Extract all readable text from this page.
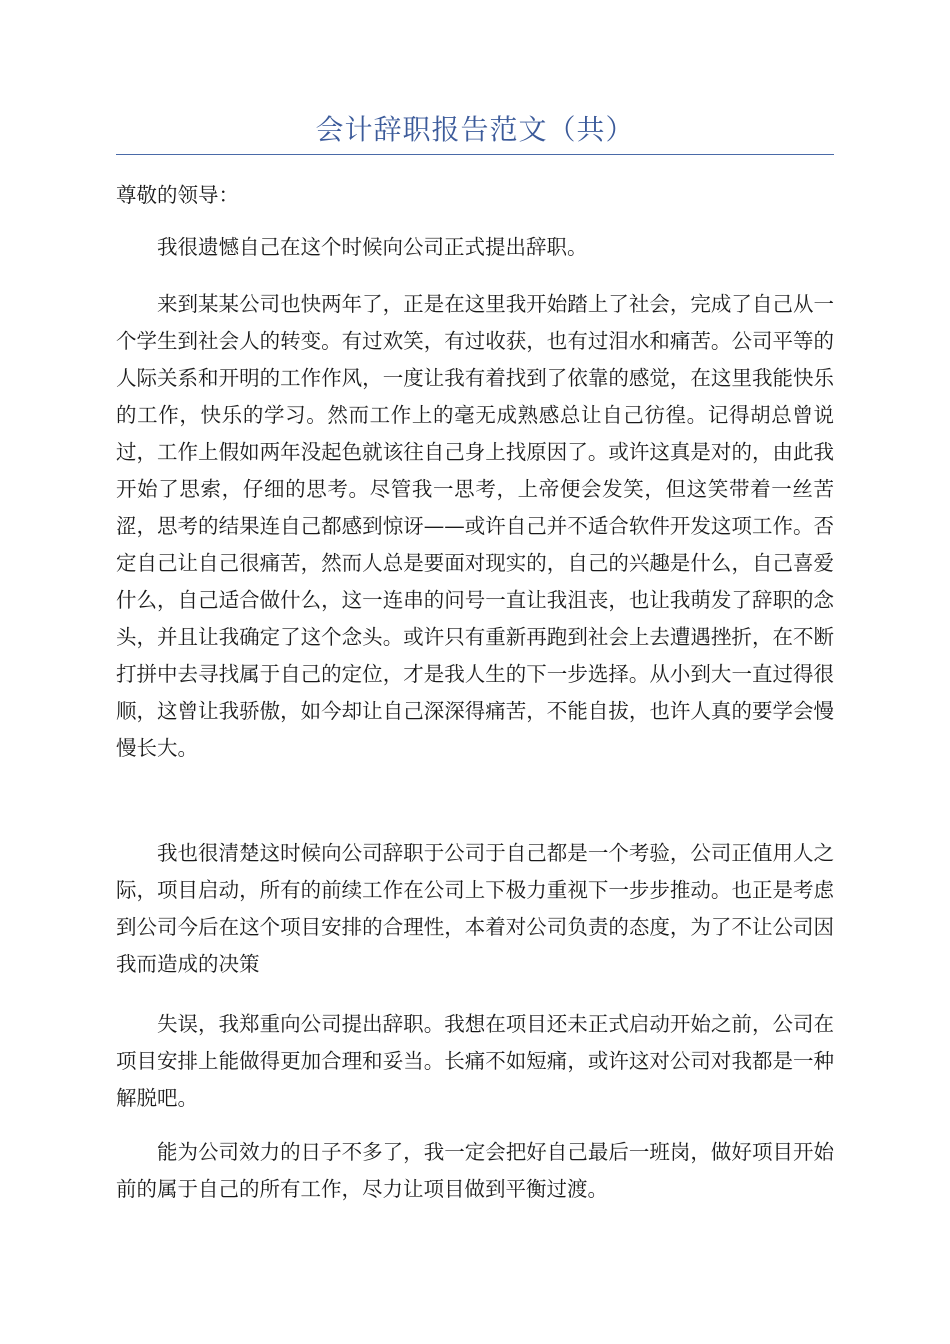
会计辞职报告范文（共）

尊敬的领导：

我很遗憾自己在这个时候向公司正式提出辞职。

来到某某公司也快两年了，正是在这里我开始踏上了社会，完成了自己从一个学生到社会人的转变。有过欢笑，有过收获，也有过泪水和痛苦。公司平等的人际关系和开明的工作作风，一度让我有着找到了依靠的感觉，在这里我能快乐的工作，快乐的学习。然而工作上的毫无成熟感总让自己彷徨。记得胡总曾说过，工作上假如两年没起色就该往自己身上找原因了。或许这真是对的，由此我开始了思索，仔细的思考。尽管我一思考，上帝便会发笑，但这笑带着一丝苦涩，思考的结果连自己都感到惊讶——或许自己并不适合软件开发这项工作。否定自己让自己很痛苦，然而人总是要面对现实的，自己的兴趣是什么，自己喜爱什么，自己适合做什么，这一连串的问号一直让我沮丧，也让我萌发了辞职的念头，并且让我确定了这个念头。或许只有重新再跑到社会上去遭遇挫折，在不断打拼中去寻找属于自己的定位，才是我人生的下一步选择。从小到大一直过得很顺，这曾让我骄傲，如今却让自己深深得痛苦，不能自拔，也许人真的要学会慢慢长大。

我也很清楚这时候向公司辞职于公司于自己都是一个考验，公司正值用人之际，项目启动，所有的前续工作在公司上下极力重视下一步步推动。也正是考虑到公司今后在这个项目安排的合理性，本着对公司负责的态度，为了不让公司因我而造成的决策

失误，我郑重向公司提出辞职。我想在项目还未正式启动开始之前，公司在项目安排上能做得更加合理和妥当。长痛不如短痛，或许这对公司对我都是一种解脱吧。

能为公司效力的日子不多了，我一定会把好自己最后一班岗，做好项目开始前的属于自己的所有工作，尽力让项目做到平衡过渡。
